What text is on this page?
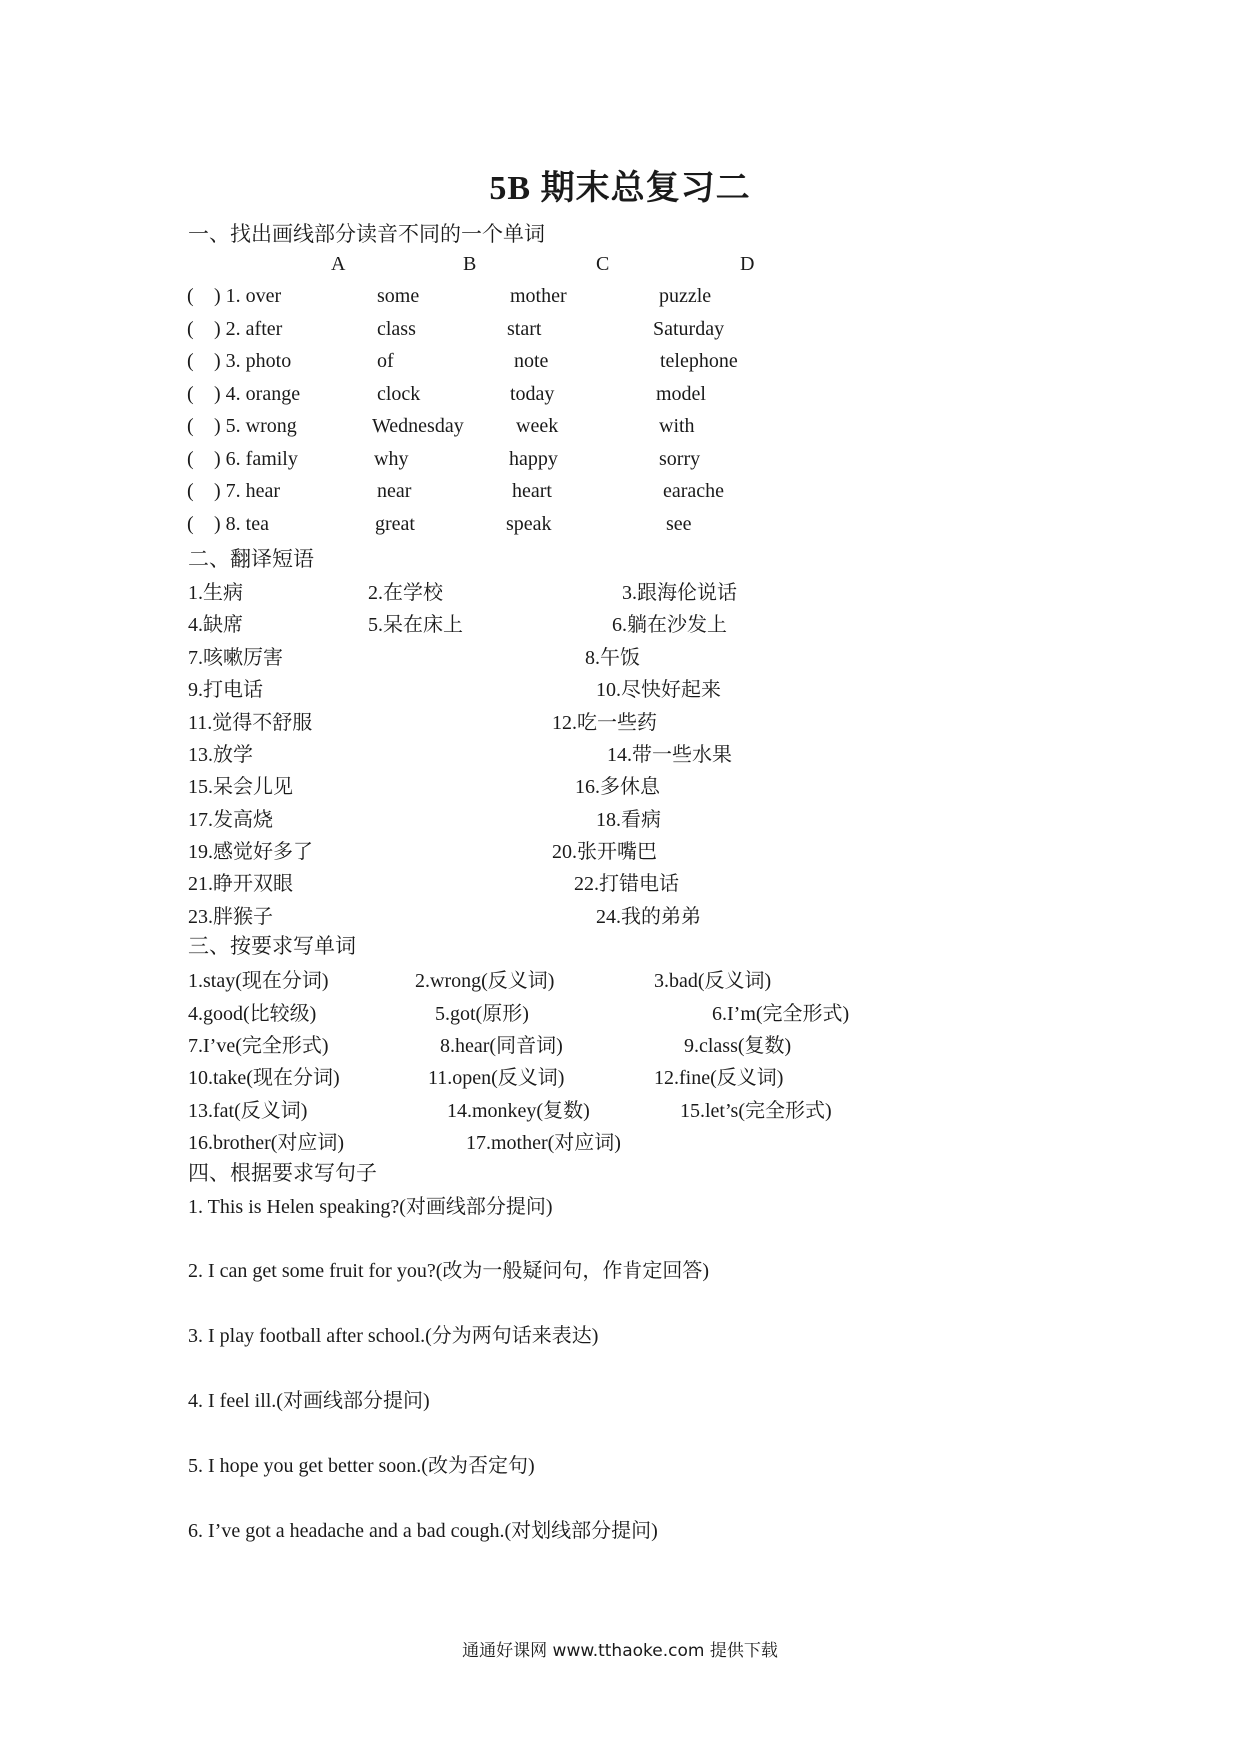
5B 期末总复习二
一、找出画线部分读音不同的一个单词
A	B	C	D
( ) 1. over	some	mother	puzzle
( ) 2. after	class	start	Saturday
( ) 3. photo	of	note	telephone
( ) 4. orange	clock	today	model
( ) 5. wrong	Wednesday	week	with
( ) 6. family	why	happy	sorry
( ) 7. hear	near	heart	earache
( ) 8. tea	great	speak	see
二、翻译短语
1.生病	2.在学校	3.跟海伦说话
4.缺席	5.呆在床上	6.躺在沙发上
7.咳嗽厉害	8.午饭
9.打电话	10.尽快好起来
11.觉得不舒服	12.吃一些药
13.放学	14.带一些水果
15.呆会儿见	16.多休息
17.发高烧	18.看病
19.感觉好多了	20.张开嘴巴
21.睁开双眼	22.打错电话
23.胖猴子	24.我的弟弟
三、按要求写单词
1.stay(现在分词)	2.wrong(反义词)	3.bad(反义词)
4.good(比较级)	5.got(原形)	6.I’m(完全形式)
7.I’ve(完全形式)	8.hear(同音词)	9.class(复数)
10.take(现在分词)	11.open(反义词)	12.fine(反义词)
13.fat(反义词)	14.monkey(复数)	15.let’s(完全形式)
16.brother(对应词)	17.mother(对应词)
四、根据要求写句子
1. This is Helen speaking?(对画线部分提问)
2. I can get some fruit for you?(改为一般疑问句，作肯定回答)
3. I play football after school.(分为两句话来表达)
4. I feel ill.(对画线部分提问)
5. I hope you get better soon.(改为否定句)
6. I’ve got a headache and a bad cough.(对划线部分提问)
通通好课网 www.tthaoke.com 提供下载
